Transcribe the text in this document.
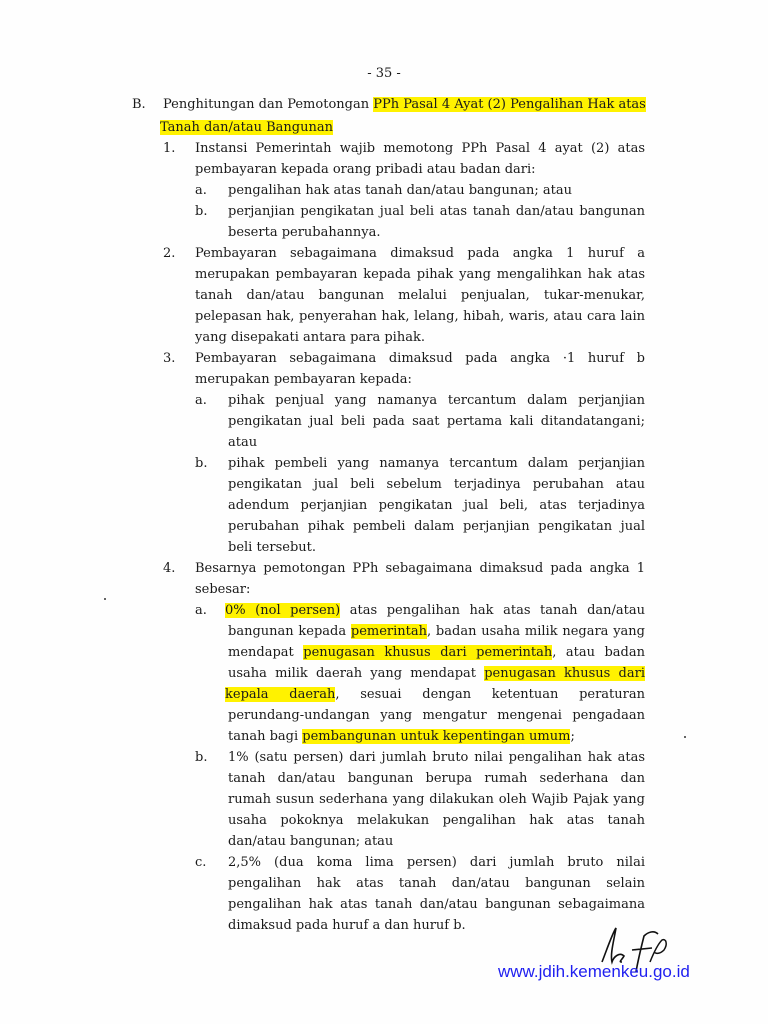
- 35 -
B. Penghitungan dan Pemotongan PPh Pasal 4 Ayat (2) Pengalihan Hak atas
Tanah dan/atau Bangunan
1. Instansi Pemerintah wajib memotong PPh Pasal 4 ayat (2) atas
pembayaran kepada orang pribadi atau badan dari:
a. pengalihan hak atas tanah dan/atau bangunan; atau
b. perjanjian pengikatan jual beli atas tanah dan/atau bangunan
beserta perubahannya.
2. Pembayaran sebagaimana dimaksud pada angka 1 huruf a
merupakan pembayaran kepada pihak yang mengalihkan hak atas
tanah dan/atau bangunan melalui penjualan, tukar-menukar,
pelepasan hak, penyerahan hak, lelang, hibah, waris, atau cara lain
yang disepakati antara para pihak.
3. Pembayaran sebagaimana dimaksud pada angka ·1 huruf b
merupakan pembayaran kepada:
a. pihak penjual yang namanya tercantum dalam perjanjian
pengikatan jual beli pada saat pertama kali ditandatangani;
atau
b. pihak pembeli yang namanya tercantum dalam perjanjian
pengikatan jual beli sebelum terjadinya perubahan atau
adendum perjanjian pengikatan jual beli, atas terjadinya
perubahan pihak pembeli dalam perjanjian pengikatan jual
beli tersebut.
4. Besarnya pemotongan PPh sebagaimana dimaksud pada angka 1
sebesar:
a. 0% (nol persen) atas pengalihan hak atas tanah dan/atau
bangunan kepada pemerintah, badan usaha milik negara yang
mendapat penugasan khusus dari pemerintah, atau badan
usaha milik daerah yang mendapat penugasan khusus dari
kepala daerah, sesuai dengan ketentuan peraturan
perundang-undangan yang mengatur mengenai pengadaan
tanah bagi pembangunan untuk kepentingan umum;
b. 1% (satu persen) dari jumlah bruto nilai pengalihan hak atas
tanah dan/atau bangunan berupa rumah sederhana dan
rumah susun sederhana yang dilakukan oleh Wajib Pajak yang
usaha pokoknya melakukan pengalihan hak atas tanah
dan/atau bangunan; atau
c. 2,5% (dua koma lima persen) dari jumlah bruto nilai
pengalihan hak atas tanah dan/atau bangunan selain
pengalihan hak atas tanah dan/atau bangunan sebagaimana
dimaksud pada huruf a dan huruf b.
www.jdih.kemenkeu.go.id
